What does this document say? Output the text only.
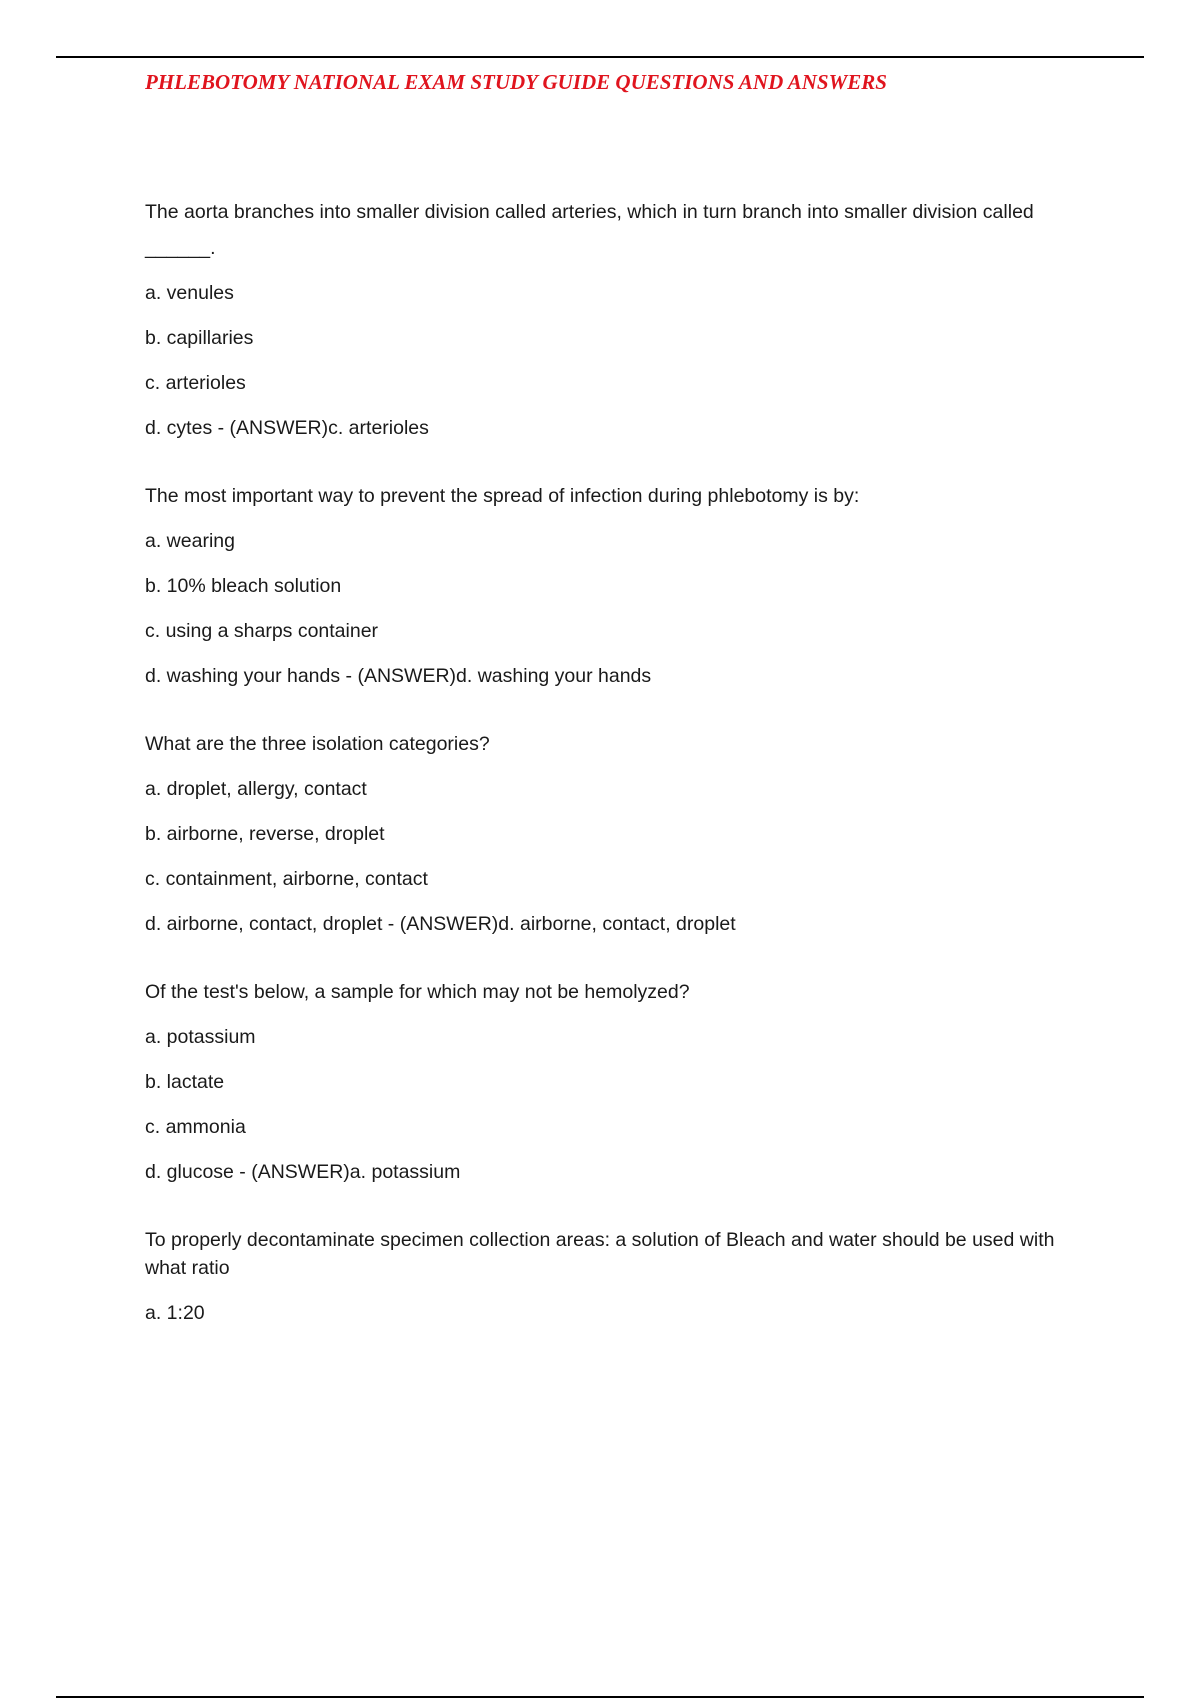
PHLEBOTOMY NATIONAL EXAM STUDY GUIDE QUESTIONS AND ANSWERS

The aorta branches into smaller division called arteries, which in turn branch into smaller division called
______.

a. venules

b. capillaries

c. arterioles

d. cytes - (ANSWER)c. arterioles

The most important way to prevent the spread of infection during phlebotomy is by:

a. wearing

b. 10% bleach solution

c. using a sharps container

d. washing your hands - (ANSWER)d. washing your hands

What are the three isolation categories?

a. droplet, allergy, contact

b. airborne, reverse, droplet

c. containment, airborne, contact

d. airborne, contact, droplet - (ANSWER)d. airborne, contact, droplet

Of the test's below, a sample for which may not be hemolyzed?

a. potassium

b. lactate

c. ammonia

d. glucose - (ANSWER)a. potassium

To properly decontaminate specimen collection areas: a solution of Bleach and water should be used with what ratio

a. 1:20
